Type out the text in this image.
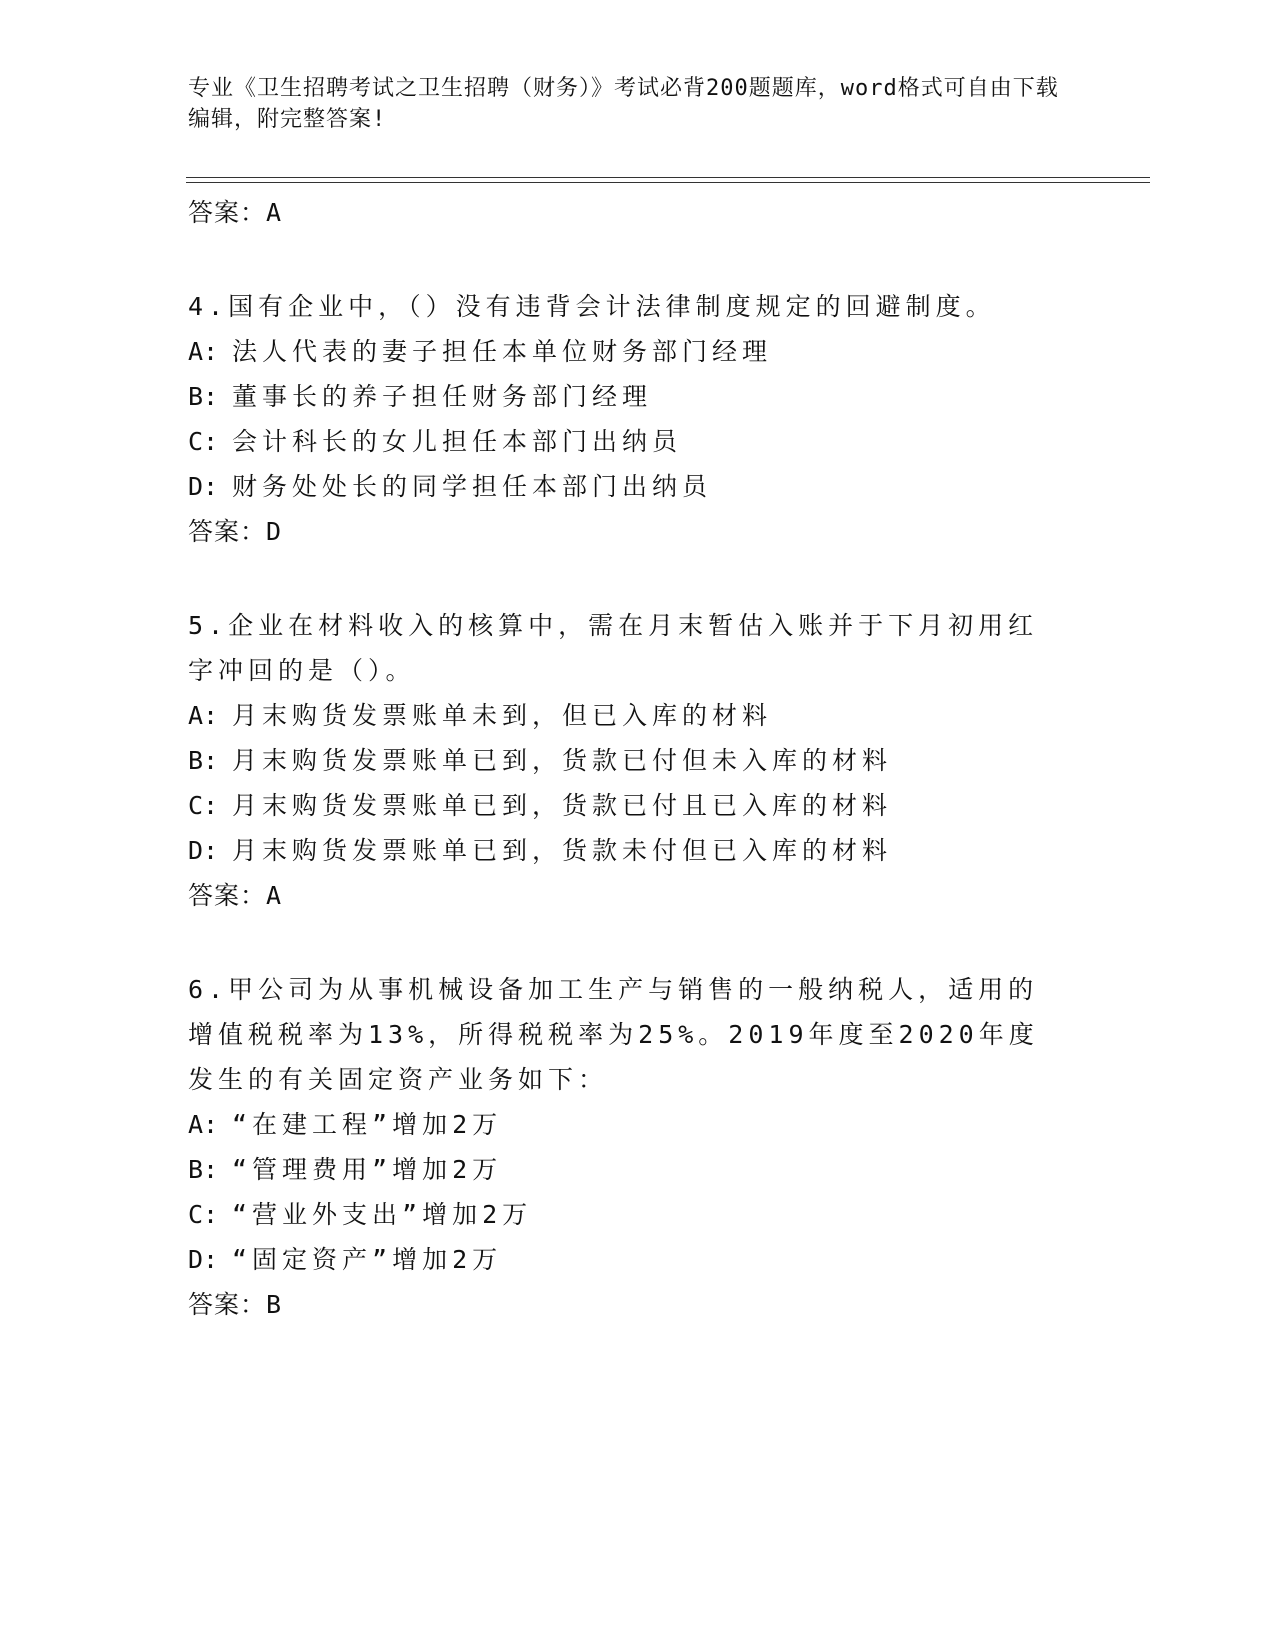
专业《卫生招聘考试之卫生招聘（财务）》考试必背200题题库，word格式可自由下载编辑，附完整答案!
答案：A
4.国有企业中，（）没有违背会计法律制度规定的回避制度。
A: 法人代表的妻子担任本单位财务部门经理
B: 董事长的养子担任财务部门经理
C: 会计科长的女儿担任本部门出纳员
D: 财务处处长的同学担任本部门出纳员
答案：D
5.企业在材料收入的核算中，需在月末暂估入账并于下月初用红字冲回的是（）。
A: 月末购货发票账单未到，但已入库的材料
B: 月末购货发票账单已到，货款已付但未入库的材料
C: 月末购货发票账单已到，货款已付且已入库的材料
D: 月末购货发票账单已到，货款未付但已入库的材料
答案：A
6.甲公司为从事机械设备加工生产与销售的一般纳税人，适用的增值税税率为13%，所得税税率为25%。2019年度至2020年度发生的有关固定资产业务如下：
A: “在建工程”增加2万
B: “管理费用”增加2万
C: “营业外支出”增加2万
D: “固定资产”增加2万
答案：B
